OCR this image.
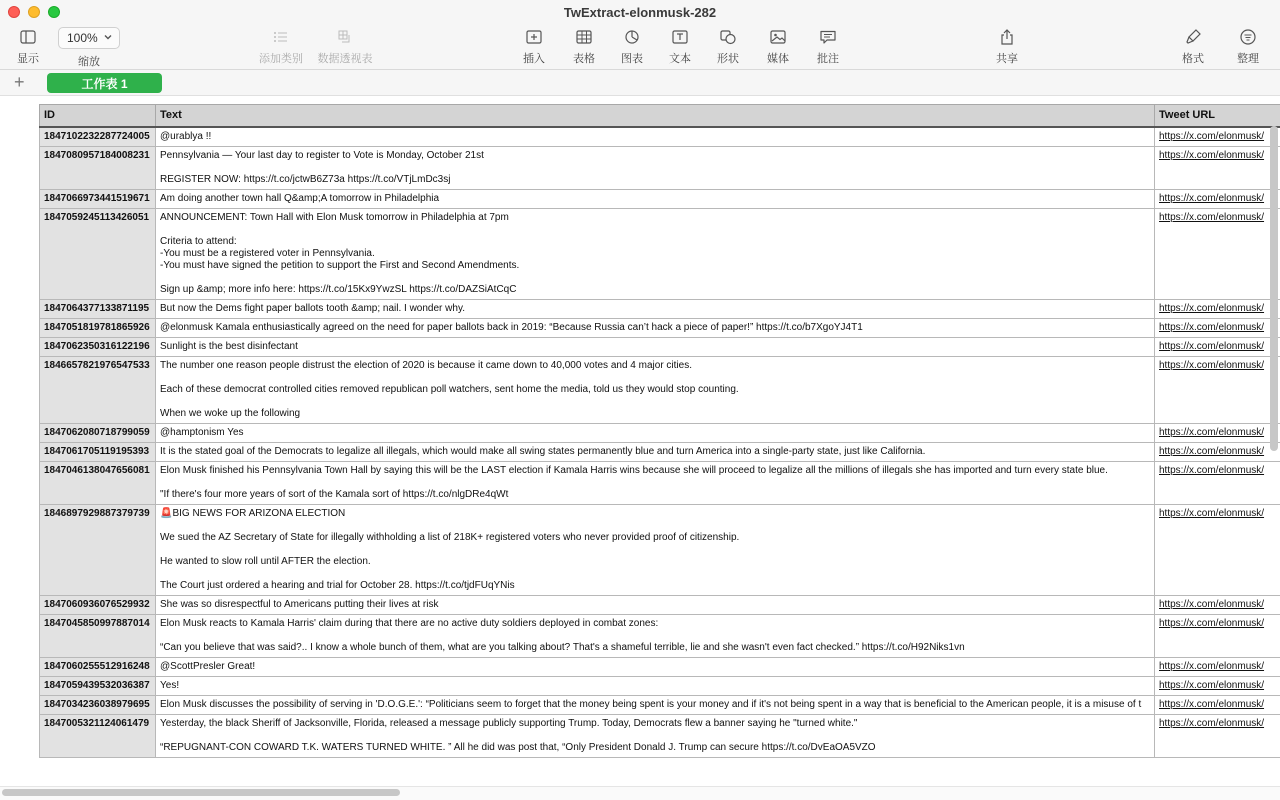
TwExtract-elonmusk-282
显示
100%
缩放	添加类别 数据透视表	插入	表格 图表 文本 形状	媒体	批注	共享	格式	整理
+	工作表 1
ID	Text	Tweet URL
1847102232287724005	@urablya !!	https://x.com/elonmusk/
1847080957184008231	Pennsylvania — Your last day to register to Vote is Monday, October 21st

REGISTER NOW: https://t.co/jctwB6Z73a https://t.co/VTjLmDc3sj	https://x.com/elonmusk/
1847066973441519671	Am doing another town hall Q&amp;A tomorrow in Philadelphia	https://x.com/elonmusk/
1847059245113426051	ANNOUNCEMENT: Town Hall with Elon Musk tomorrow in Philadelphia at 7pm

Criteria to attend:
-You must be a registered voter in Pennsylvania.
-You must have signed the petition to support the First and Second Amendments.

Sign up &amp; more info here: https://t.co/15Kx9YwzSL https://t.co/DAZSiAtCqC	https://x.com/elonmusk/
1847064377133871195	But now the Dems fight paper ballots tooth &amp; nail. I wonder why.	https://x.com/elonmusk/
1847051819781865926	@elonmusk Kamala enthusiastically agreed on the need for paper ballots back in 2019: “Because Russia can’t hack a piece of paper!” https://t.co/b7XgoYJ4T1	https://x.com/elonmusk/
1847062350316122196	Sunlight is the best disinfectant	https://x.com/elonmusk/
1846657821976547533	The number one reason people distrust the election of 2020 is because it came down to 40,000 votes and 4 major cities.

Each of these democrat controlled cities removed republican poll watchers, sent home the media, told us they would stop counting.

When we woke up the following	https://x.com/elonmusk/
1847062080718799059	@hamptonism Yes	https://x.com/elonmusk/
1847061705119195393	It is the stated goal of the Democrats to legalize all illegals, which would make all swing states permanently blue and turn America into a single-party state, just like California.	https://x.com/elonmusk/
1847046138047656081	Elon Musk finished his Pennsylvania Town Hall by saying this will be the LAST election if Kamala Harris wins because she will proceed to legalize all the millions of illegals she has imported and turn every state blue.

"If there's four more years of sort of the Kamala sort of https://t.co/nlgDRe4qWt	https://x.com/elonmusk/
1846897929887379739	🚨BIG NEWS FOR ARIZONA ELECTION

We sued the AZ Secretary of State for illegally withholding a list of 218K+ registered voters who never provided proof of citizenship.

He wanted to slow roll until AFTER the election.

The Court just ordered a hearing and trial for October 28. https://t.co/tjdFUqYNis	https://x.com/elonmusk/
1847060936076529932	She was so disrespectful to Americans putting their lives at risk	https://x.com/elonmusk/
1847045850997887014	Elon Musk reacts to Kamala Harris' claim during that there are no active duty soldiers deployed in combat zones:

“Can you believe that was said?.. I know a whole bunch of them, what are you talking about? That's a shameful terrible, lie and she wasn't even fact checked.” https://t.co/H92Niks1vn	https://x.com/elonmusk/
1847060255512916248	@ScottPresler Great!	https://x.com/elonmusk/
1847059439532036387	Yes!	https://x.com/elonmusk/
1847034236038979695	Elon Musk discusses the possibility of serving in 'D.O.G.E.': “Politicians seem to forget that the money being spent is your money and if it's not being spent in a way that is beneficial to the American people, it is a misuse of t	https://x.com/elonmusk/
1847005321124061479	Yesterday, the black Sheriff of Jacksonville, Florida, released a message publicly supporting Trump. Today, Democrats flew a banner saying he "turned white."

“REPUGNANT-CON COWARD T.K. WATERS TURNED WHITE. ” All he did was post that, “Only President Donald J. Trump can secure https://t.co/DvEaOA5VZO	https://x.com/elonmusk/
